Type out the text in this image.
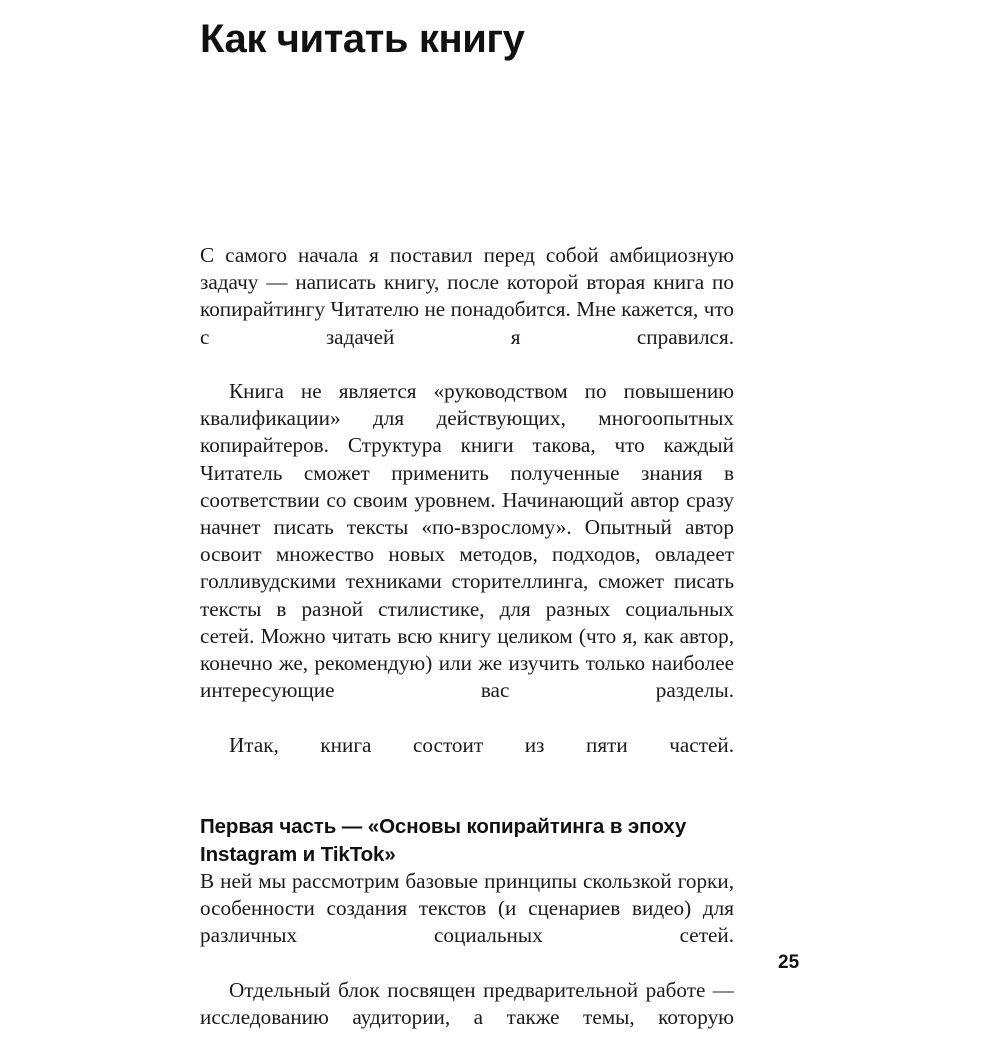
Как читать книгу

С самого начала я поставил перед собой амбициозную задачу — написать книгу, после которой вторая книга по копирайтингу Читателю не понадобится. Мне кажется, что с задачей я справился.

Книга не является «руководством по повышению квалификации» для действующих, многоопытных копирайтеров. Структура книги такова, что каждый Читатель сможет применить полученные знания в соответствии со своим уровнем. Начинающий автор сразу начнет писать тексты «по-взрослому». Опытный автор освоит множество новых методов, подходов, овладеет голливудскими техниками сторителлинга, сможет писать тексты в разной стилистике, для разных социальных сетей. Можно читать всю книгу целиком (что я, как автор, конечно же, рекомендую) или же изучить только наиболее интересующие вас разделы.

Итак, книга состоит из пяти частей.

Первая часть — «Основы копирайтинга в эпоху
Instagram и TikTok»

В ней мы рассмотрим базовые принципы скользкой горки, особенности создания текстов (и сценариев видео) для различных социальных сетей.

Отдельный блок посвящен предварительной работе — исследованию аудитории, а также темы, которую

25
